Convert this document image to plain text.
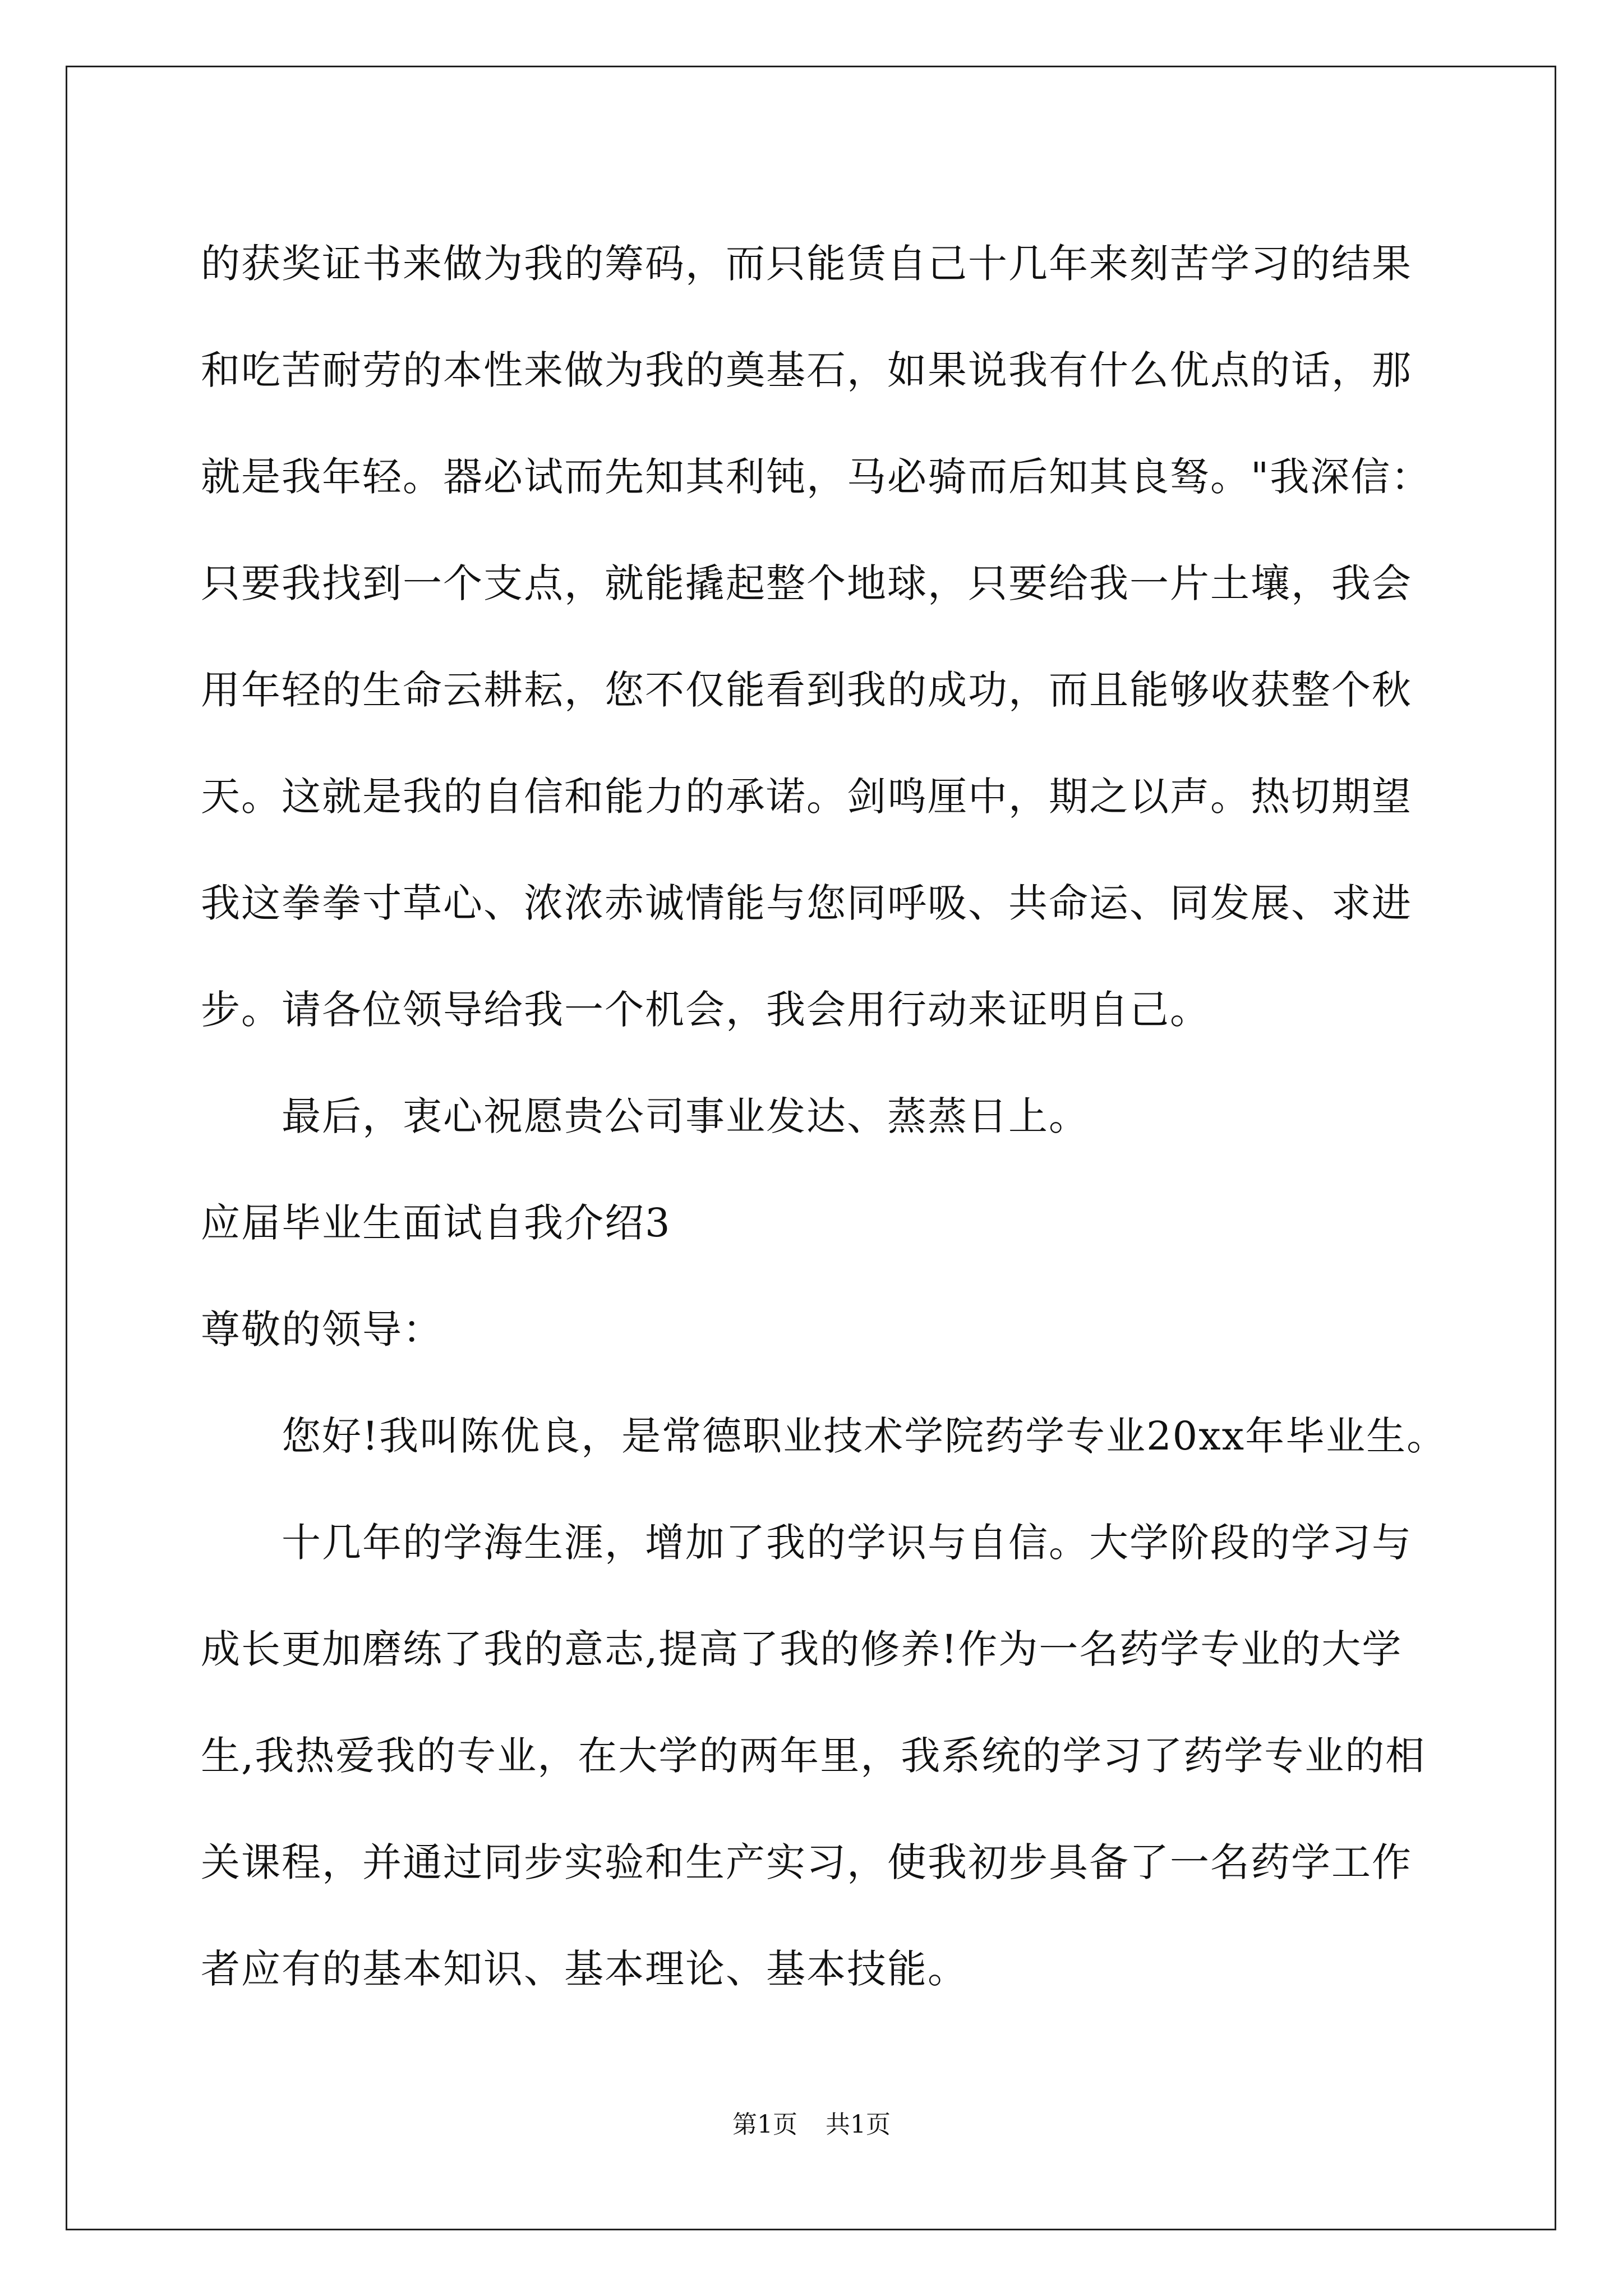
的获奖证书来做为我的筹码，而只能赁自己十几年来刻苦学习的结果
和吃苦耐劳的本性来做为我的奠基石，如果说我有什么优点的话，那
就是我年轻。器必试而先知其利钝，马必骑而后知其良驽。"我深信：
只要我找到一个支点，就能撬起整个地球，只要给我一片土壤，我会
用年轻的生命云耕耘，您不仅能看到我的成功，而且能够收获整个秋
天。这就是我的自信和能力的承诺。剑鸣厘中，期之以声。热切期望
我这拳拳寸草心、浓浓赤诚情能与您同呼吸、共命运、同发展、求进
步。请各位领导给我一个机会，我会用行动来证明自己。
最后，衷心祝愿贵公司事业发达、蒸蒸日上。
应届毕业生面试自我介绍3
尊敬的领导：
您好!我叫陈优良，是常德职业技术学院药学专业20xx年毕业生。
十几年的学海生涯，增加了我的学识与自信。大学阶段的学习与
成长更加磨练了我的意志,提高了我的修养!作为一名药学专业的大学
生,我热爱我的专业，在大学的两年里，我系统的学习了药学专业的相
关课程，并通过同步实验和生产实习，使我初步具备了一名药学工作
者应有的基本知识、基本理论、基本技能。
第1页 共1页
